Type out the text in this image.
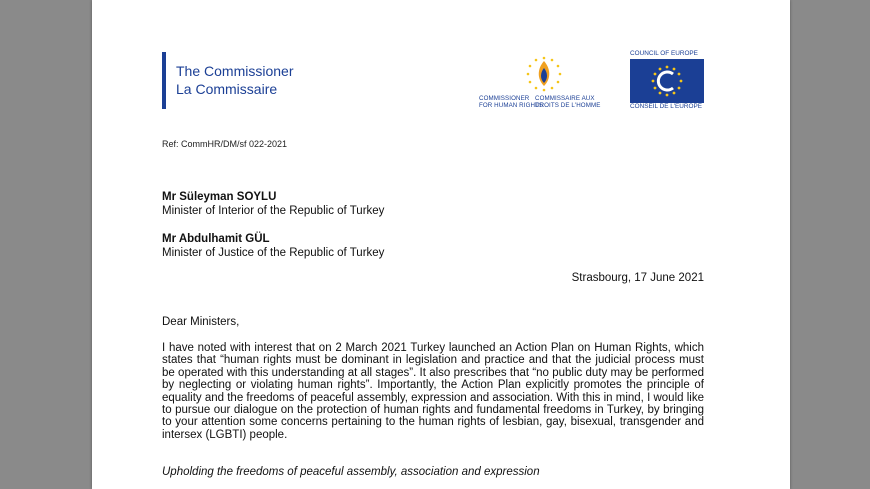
The Commissioner
La Commissaire
COMMISSIONER
FOR HUMAN RIGHTS
COMMISSAIRE AUX
DROITS DE L'HOMME
COUNCIL OF EUROPE
CONSEIL DE L'EUROPE
Ref: CommHR/DM/sf 022-2021
Mr Süleyman SOYLU
Minister of Interior of the Republic of Turkey
Mr Abdulhamit GÜL
Minister of Justice of the Republic of Turkey
Strasbourg, 17 June 2021
Dear Ministers,
I have noted with interest that on 2 March 2021 Turkey launched an Action Plan on Human Rights, which states that “human rights must be dominant in legislation and practice and that the judicial process must be operated with this understanding at all stages”. It also prescribes that “no public duty may be performed by neglecting or violating human rights”. Importantly, the Action Plan explicitly promotes the principle of equality and the freedoms of peaceful assembly, expression and association. With this in mind, I would like to pursue our dialogue on the protection of human rights and fundamental freedoms in Turkey, by bringing to your attention some concerns pertaining to the human rights of lesbian, gay, bisexual, transgender and intersex (LGBTI) people.
Upholding the freedoms of peaceful assembly, association and expression
